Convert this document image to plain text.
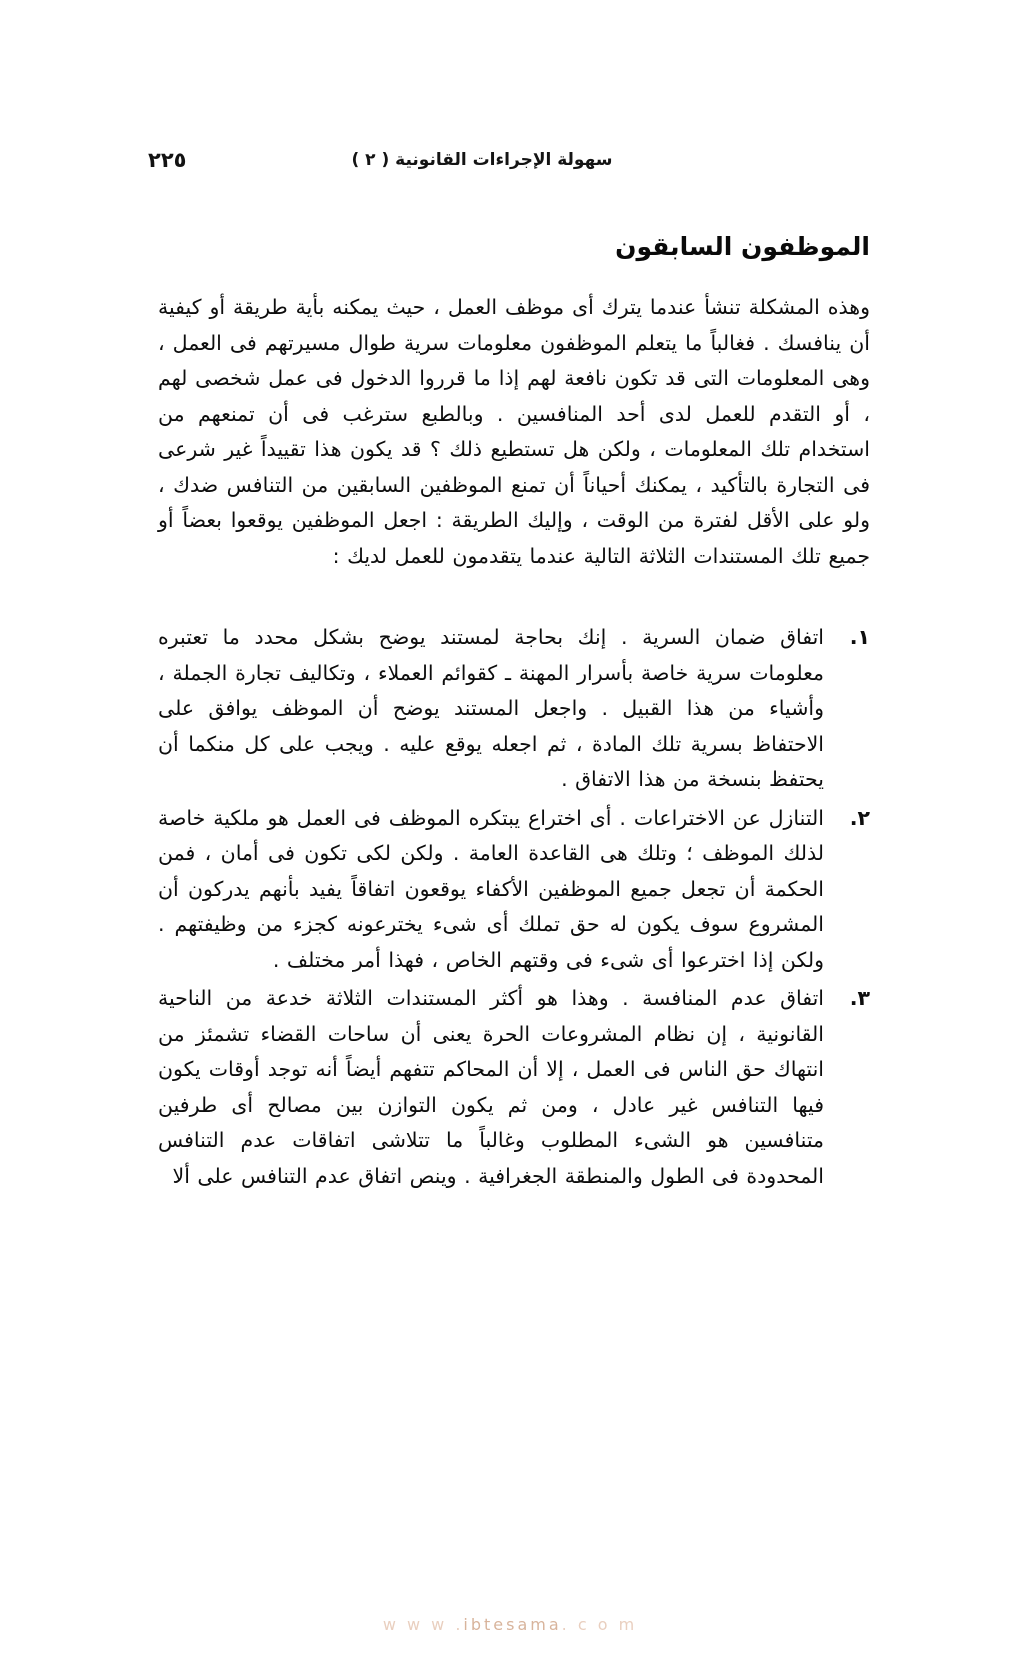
٢٢٥	سهولة الإجراءات القانونية ( ٢ )
الموظفون السابقون

وهذه المشكلة تنشأ عندما يترك أى موظف العمل ، حيث يمكنه بأية طريقة أو كيفية أن ينافسك . فغالباً ما يتعلم الموظفون معلومات سرية طوال مسيرتهم فى العمل ، وهى المعلومات التى قد تكون نافعة لهم إذا ما قرروا الدخول فى عمل شخصى لهم ، أو التقدم للعمل لدى أحد المنافسين . وبالطبع سترغب فى أن تمنعهم من استخدام تلك المعلومات ، ولكن هل تستطيع ذلك ؟ قد يكون هذا تقييداً غير شرعى فى التجارة بالتأكيد ، يمكنك أحياناً أن تمنع الموظفين السابقين من التنافس ضدك ، ولو على الأقل لفترة من الوقت ، وإليك الطريقة : اجعل الموظفين يوقعوا بعضاً أو جميع تلك المستندات الثلاثة التالية عندما يتقدمون للعمل لديك :

١.
اتفاق ضمان السرية . إنك بحاجة لمستند يوضح بشكل محدد ما تعتبره معلومات سرية خاصة بأسرار المهنة ـ كقوائم العملاء ، وتكاليف تجارة الجملة ، وأشياء من هذا القبيل . واجعل المستند يوضح أن الموظف يوافق على الاحتفاظ بسرية تلك المادة ، ثم اجعله يوقع عليه . ويجب على كل منكما أن يحتفظ بنسخة من هذا الاتفاق .
٢.
التنازل عن الاختراعات . أى اختراع يبتكره الموظف فى العمل هو ملكية خاصة لذلك الموظف ؛ وتلك هى القاعدة العامة . ولكن لكى تكون فى أمان ، فمن الحكمة أن تجعل جميع الموظفين الأكفاء يوقعون اتفاقاً يفيد بأنهم يدركون أن المشروع سوف يكون له حق تملك أى شىء يخترعونه كجزء من وظيفتهم . ولكن إذا اخترعوا أى شىء فى وقتهم الخاص ، فهذا أمر مختلف .
٣.
اتفاق عدم المنافسة . وهذا هو أكثر المستندات الثلاثة خدعة من الناحية القانونية ، إن نظام المشروعات الحرة يعنى أن ساحات القضاء تشمئز من انتهاك حق الناس فى العمل ، إلا أن المحاكم تتفهم أيضاً أنه توجد أوقات يكون فيها التنافس غير عادل ، ومن ثم يكون التوازن بين مصالح أى طرفين متنافسين هو الشىء المطلوب وغالباً ما تتلاشى اتفاقات عدم التنافس المحدودة فى الطول والمنطقة الجغرافية . وينص اتفاق عدم التنافس على ألا
w w w .ibtesama. c o m
